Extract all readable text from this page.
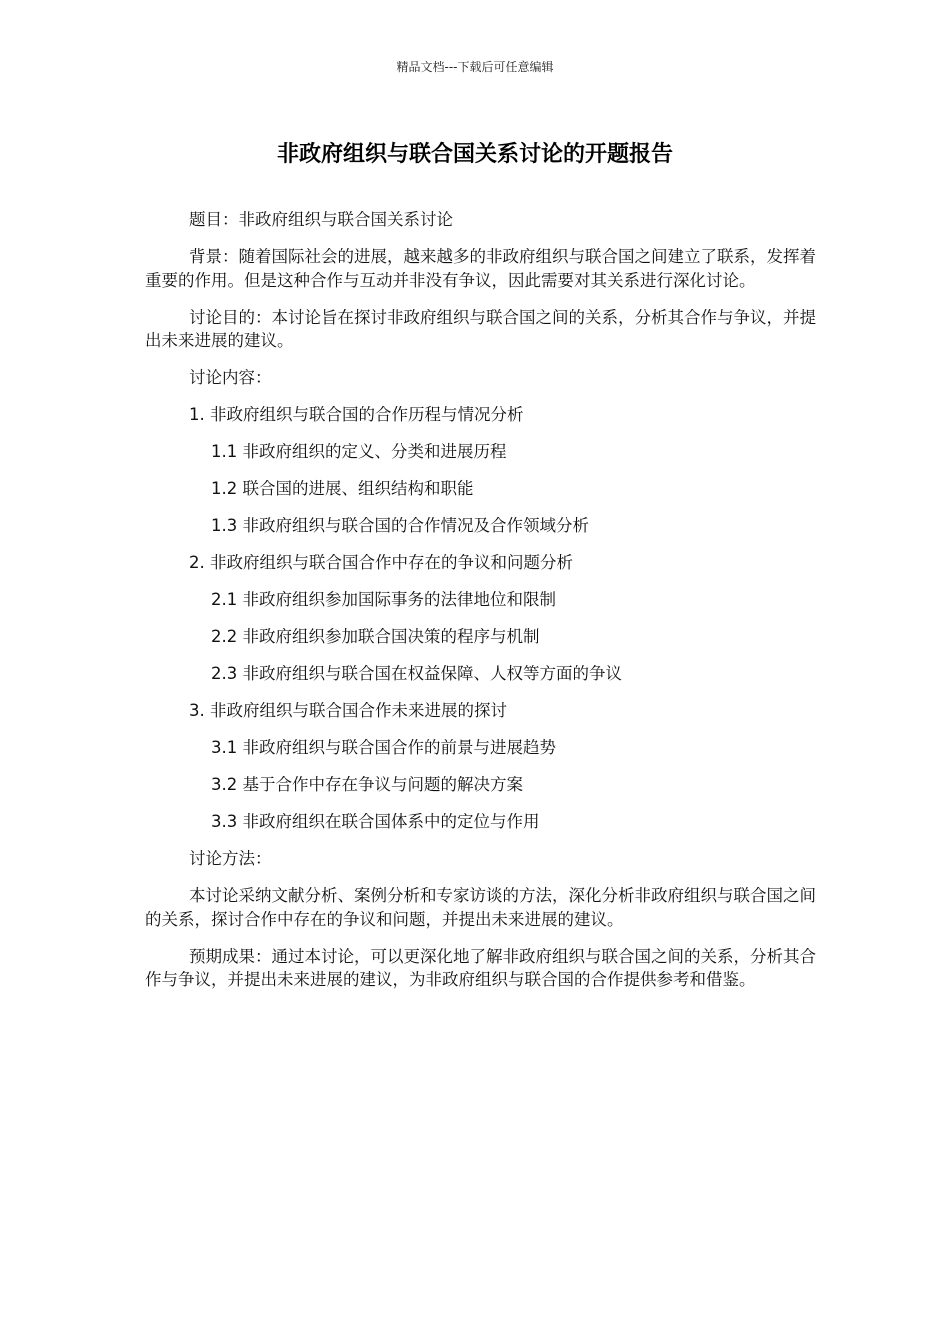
精品文档---下载后可任意编辑
非政府组织与联合国关系讨论的开题报告

题目：非政府组织与联合国关系讨论

背景：随着国际社会的进展，越来越多的非政府组织与联合国之间建立了联系，发挥着重要的作用。但是这种合作与互动并非没有争议，因此需要对其关系进行深化讨论。

讨论目的：本讨论旨在探讨非政府组织与联合国之间的关系，分析其合作与争议，并提出未来进展的建议。

讨论内容：

1. 非政府组织与联合国的合作历程与情况分析
1.1 非政府组织的定义、分类和进展历程
1.2 联合国的进展、组织结构和职能
1.3 非政府组织与联合国的合作情况及合作领域分析
2. 非政府组织与联合国合作中存在的争议和问题分析
2.1 非政府组织参加国际事务的法律地位和限制
2.2 非政府组织参加联合国决策的程序与机制
2.3 非政府组织与联合国在权益保障、人权等方面的争议
3. 非政府组织与联合国合作未来进展的探讨
3.1 非政府组织与联合国合作的前景与进展趋势
3.2 基于合作中存在争议与问题的解决方案
3.3 非政府组织在联合国体系中的定位与作用

讨论方法：

本讨论采纳文献分析、案例分析和专家访谈的方法，深化分析非政府组织与联合国之间的关系，探讨合作中存在的争议和问题，并提出未来进展的建议。

预期成果：通过本讨论，可以更深化地了解非政府组织与联合国之间的关系，分析其合作与争议，并提出未来进展的建议，为非政府组织与联合国的合作提供参考和借鉴。
